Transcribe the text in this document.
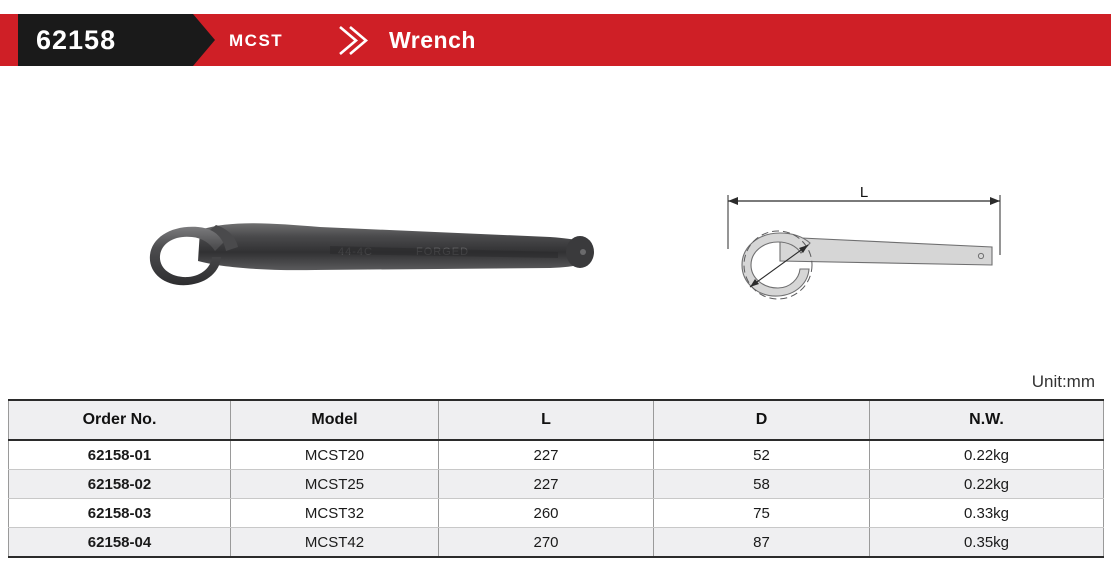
62158	MCST	Wrench
L
Unit:mm
Order No.	Model	L	D	N.W.
62158-01	MCST20	227	52	0.22kg
62158-02	MCST25	227	58	0.22kg
62158-03	MCST32	260	75	0.33kg
62158-04	MCST42	270	87	0.35kg
